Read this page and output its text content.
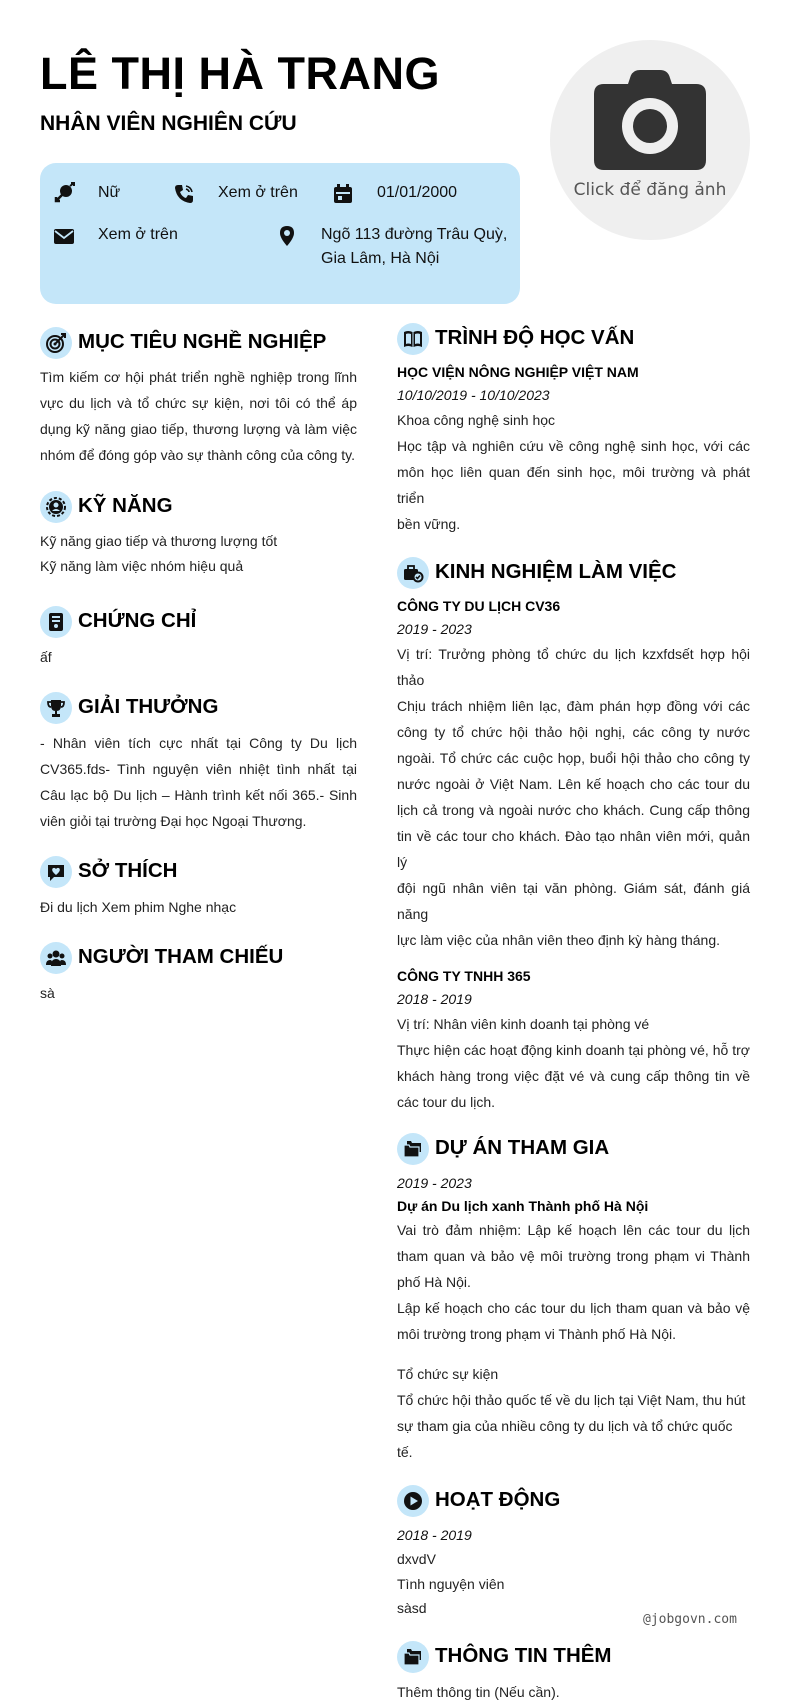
LÊ THỊ HÀ TRANG
NHÂN VIÊN NGHIÊN CỨU
Click để đăng ảnh
Nữ	Xem ở trên	01/01/2000
Xem ở trên	Ngõ 113 đường Trâu Quỳ,
Gia Lâm, Hà Nội
MỤC TIÊU NGHỀ NGHIỆP
Tìm kiếm cơ hội phát triển nghề nghiệp trong lĩnh
vực du lịch và tổ chức sự kiện, nơi tôi có thể áp
dụng kỹ năng giao tiếp, thương lượng và làm việc
nhóm để đóng góp vào sự thành công của công ty.
KỸ NĂNG
Kỹ năng giao tiếp và thương lượng tốt
Kỹ năng làm việc nhóm hiệu quả
CHỨNG CHỈ
ấf
GIẢI THƯỞNG
- Nhân viên tích cực nhất tại Công ty Du lịch
CV365.fds- Tình nguyện viên nhiệt tình nhất tại
Câu lạc bộ Du lịch – Hành trình kết nối 365.- Sinh
viên giỏi tại trường Đại học Ngoại Thương.
SỞ THÍCH
Đi du lịch Xem phim Nghe nhạc
NGƯỜI THAM CHIẾU
sà
TRÌNH ĐỘ HỌC VẤN
HỌC VIỆN NÔNG NGHIỆP VIỆT NAM
10/10/2019 - 10/10/2023
Khoa công nghệ sinh học
Học tập và nghiên cứu về công nghệ sinh học, với các
môn học liên quan đến sinh học, môi trường và phát triển
bền vững.
KINH NGHIỆM LÀM VIỆC
CÔNG TY DU LỊCH CV36
2019 - 2023
Vị trí: Trưởng phòng tổ chức du lịch kzxfdsết hợp hội thảo
Chịu trách nhiệm liên lạc, đàm phán hợp đồng với các
công ty tổ chức hội thảo hội nghị, các công ty nước
ngoài. Tổ chức các cuộc họp, buổi hội thảo cho công ty
nước ngoài ở Việt Nam. Lên kế hoạch cho các tour du
lịch cả trong và ngoài nước cho khách. Cung cấp thông
tin về các tour cho khách. Đào tạo nhân viên mới, quản lý
đội ngũ nhân viên tại văn phòng. Giám sát, đánh giá năng
lực làm việc của nhân viên theo định kỳ hàng tháng.
CÔNG TY TNHH 365
2018 - 2019
Vị trí: Nhân viên kinh doanh tại phòng vé
Thực hiện các hoạt động kinh doanh tại phòng vé, hỗ trợ
khách hàng trong việc đặt vé và cung cấp thông tin về
các tour du lịch.
DỰ ÁN THAM GIA
2019 - 2023
Dự án Du lịch xanh Thành phố Hà Nội
Vai trò đảm nhiệm: Lập kế hoạch lên các tour du lịch
tham quan và bảo vệ môi trường trong phạm vi Thành
phố Hà Nội.
Lập kế hoạch cho các tour du lịch tham quan và bảo vệ
môi trường trong phạm vi Thành phố Hà Nội.
Tổ chức sự kiện
Tổ chức hội thảo quốc tế về du lịch tại Việt Nam, thu hút
sự tham gia của nhiều công ty du lịch và tổ chức quốc tế.
HOẠT ĐỘNG
2018 - 2019
dxvdV
Tình nguyện viên
sàsd
THÔNG TIN THÊM
Thêm thông tin (Nếu cần).
@jobgovn.com
